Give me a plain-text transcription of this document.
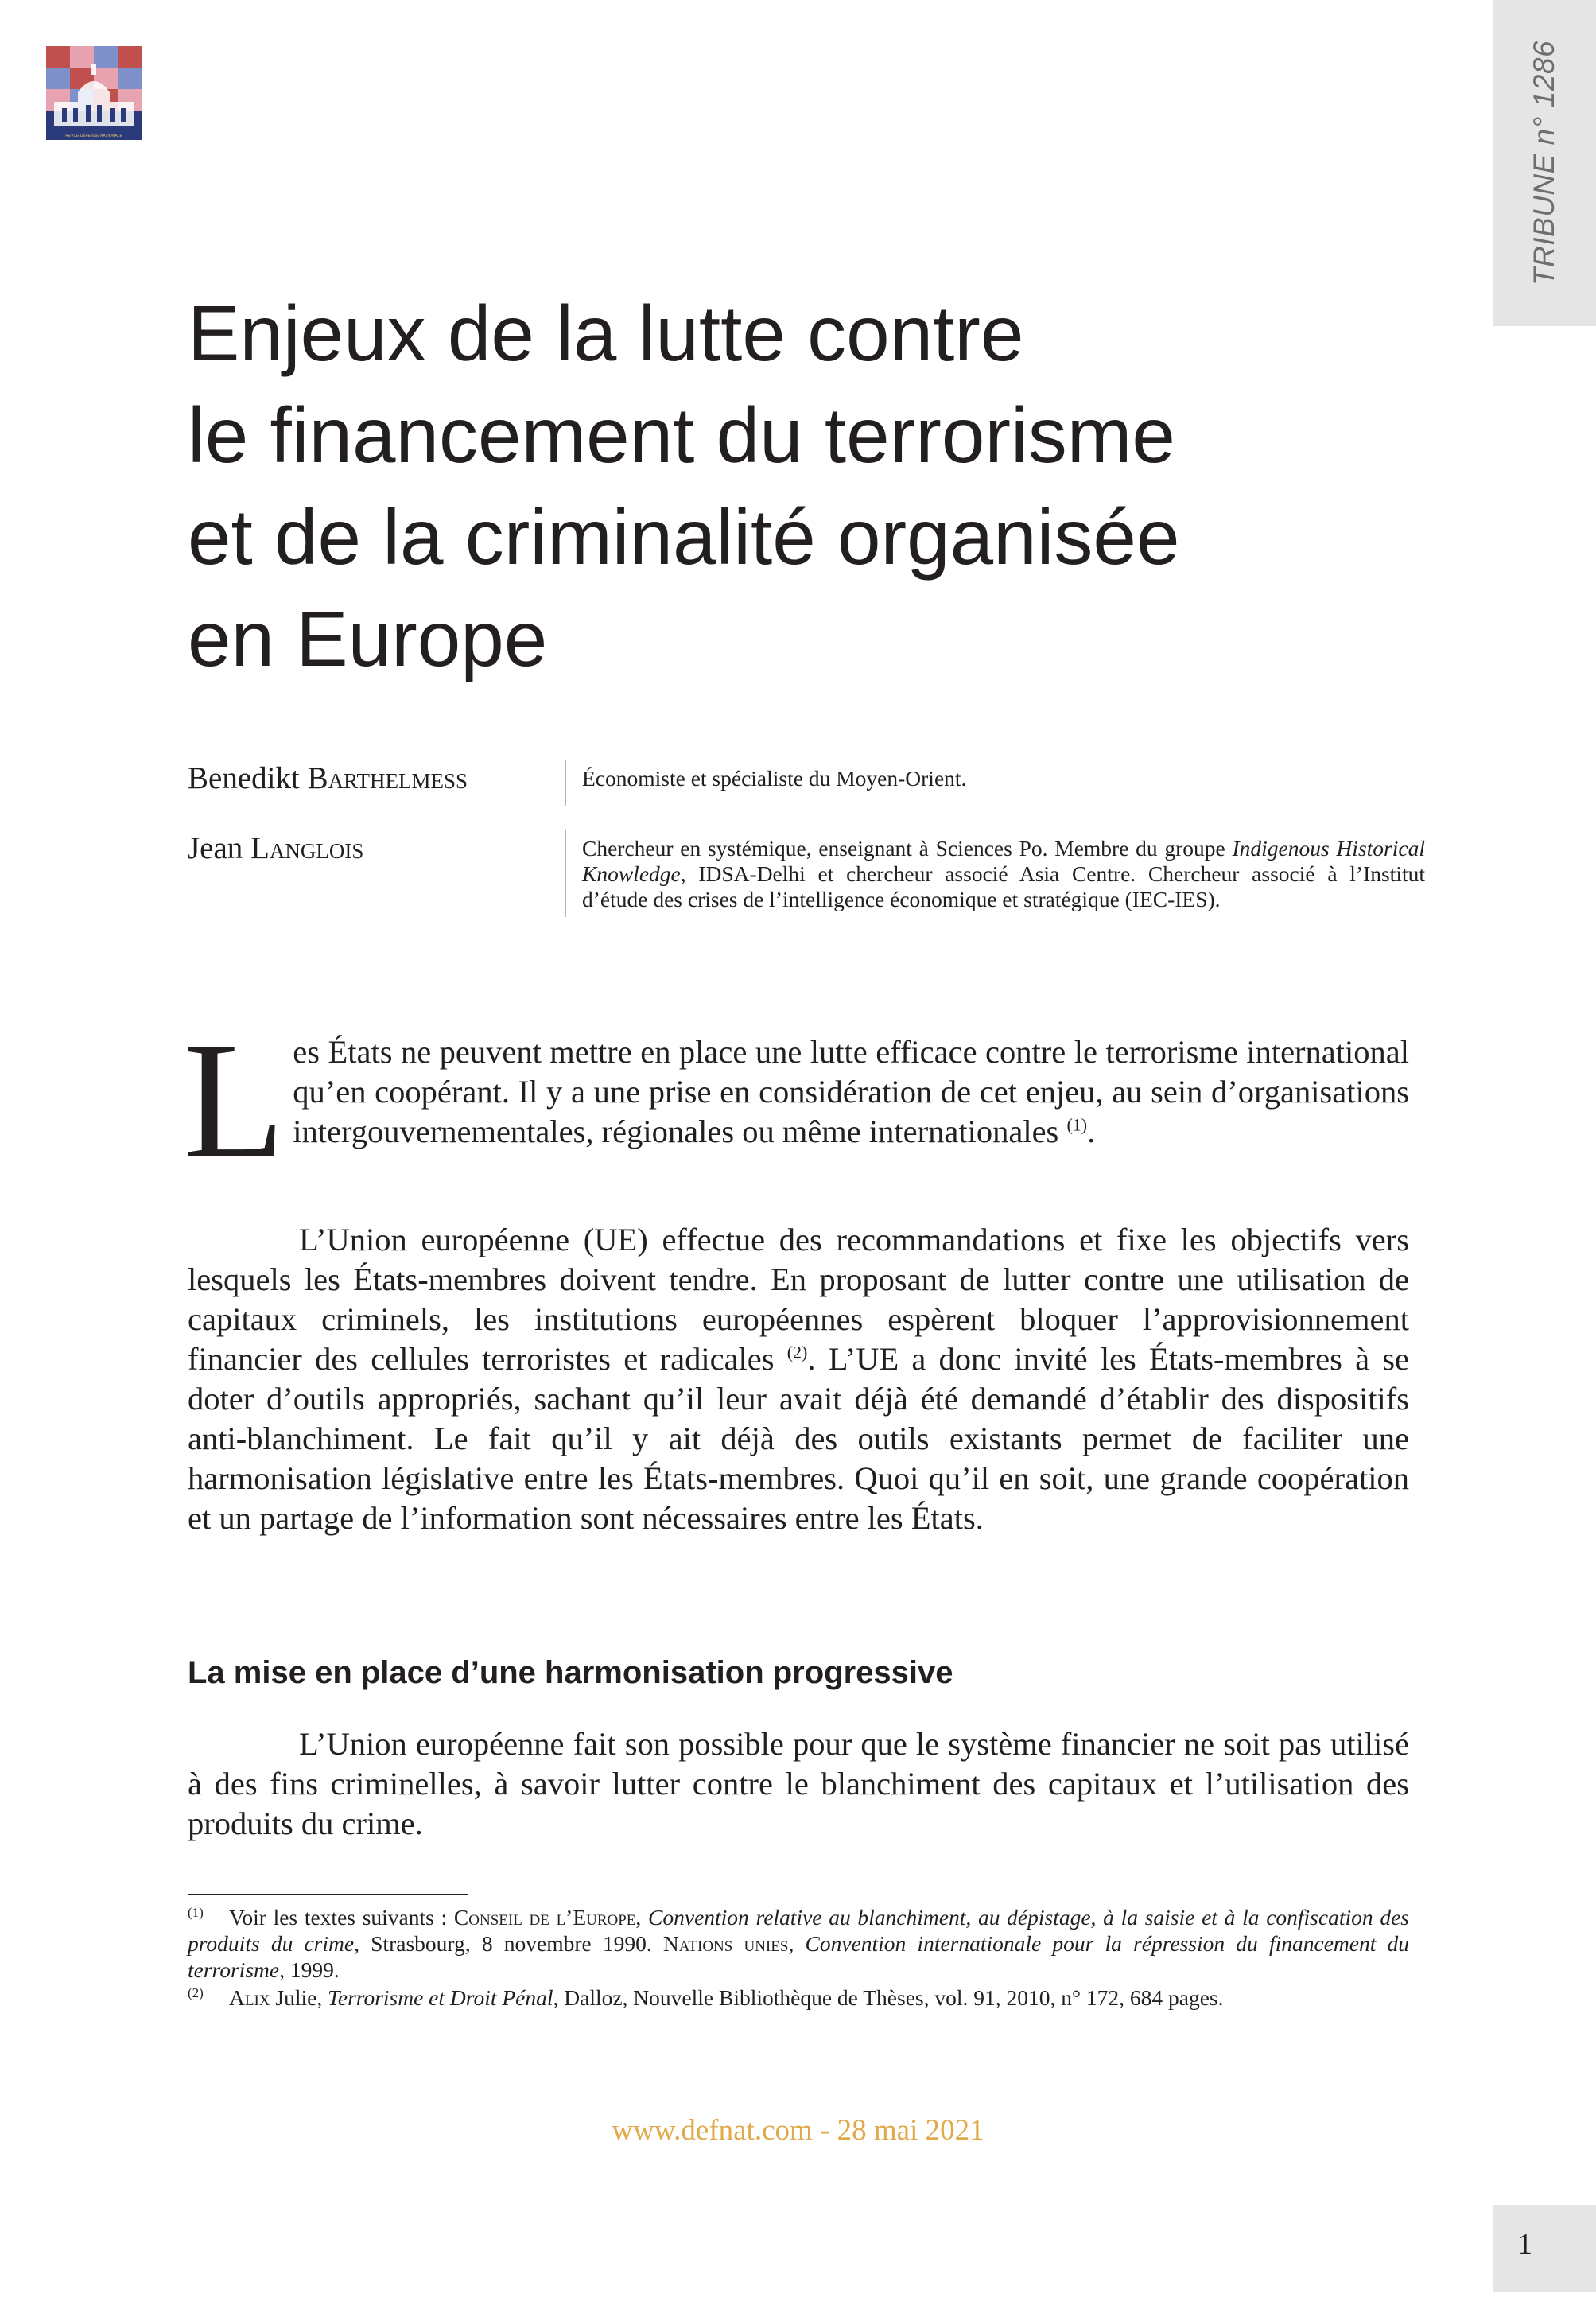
REVUE DÉFENSE NATIONALE	TRIBUNE n° 1286
Enjeux de la lutte contre
le financement du terrorisme
et de la criminalité organisée
en Europe
Benedikt Barthelmess	Économiste et spécialiste du Moyen-Orient.
Jean Langlois	Chercheur en systémique, enseignant à Sciences Po. Membre du groupe Indigenous Historical Knowledge, IDSA-Delhi et chercheur associé Asia Centre. Chercheur associé à l’Institut d’étude des crises de l’intelligence économique et stratégique (IEC-IES).

Les États ne peuvent mettre en place une lutte efficace contre le terrorisme international qu’en coopérant. Il y a une prise en considération de cet enjeu, au sein d’organisations intergouvernementales, régionales ou même internationales $^{(1)}$.

L’Union européenne (UE) effectue des recommandations et fixe les objectifs vers lesquels les États-membres doivent tendre. En proposant de lutter contre une utilisation de capitaux criminels, les institutions européennes espèrent bloquer l’approvisionnement financier des cellules terroristes et radicales $^{(2)}$. L’UE a donc invité les États-membres à se doter d’outils appropriés, sachant qu’il leur avait déjà été demandé d’établir des dispositifs anti-blanchiment. Le fait qu’il y ait déjà des outils existants permet de faciliter une harmonisation législative entre les États-membres. Quoi qu’il en soit, une grande coopération et un partage de l’information sont nécessaires entre les États.

La mise en place d’une harmonisation progressive

L’Union européenne fait son possible pour que le système financier ne soit pas utilisé à des fins criminelles, à savoir lutter contre le blanchiment des capitaux et l’utilisation des produits du crime.

(1) Voir les textes suivants : Conseil de l’Europe, Convention relative au blanchiment, au dépistage, à la saisie et à la confiscation des produits du crime, Strasbourg, 8 novembre 1990. Nations unies, Convention internationale pour la répression du financement du terrorisme, 1999.

(2) Alix Julie, Terrorisme et Droit Pénal, Dalloz, Nouvelle Bibliothèque de Thèses, vol. 91, 2010, n° 172, 684 pages.

www.defnat.com - 28 mai 2021
1
